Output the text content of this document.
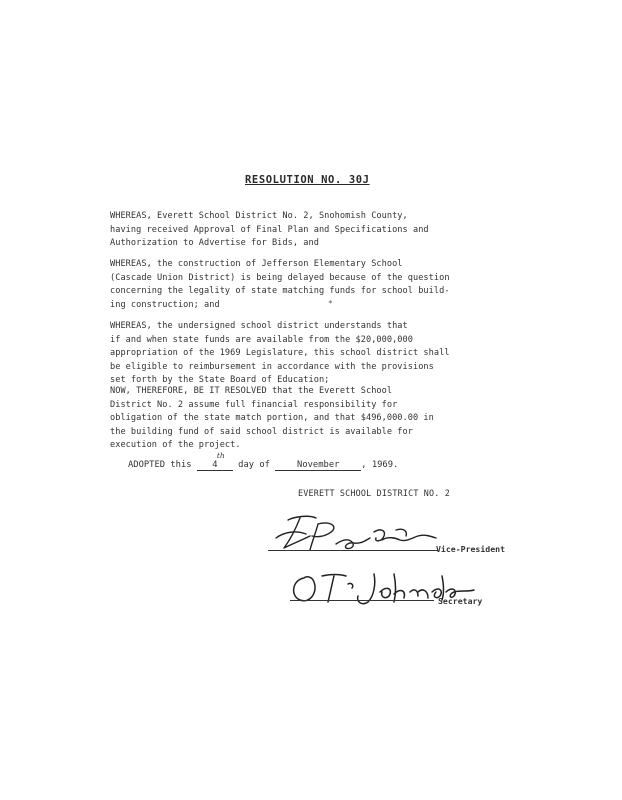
RESOLUTION NO. 30J
WHEREAS, Everett School District No. 2, Snohomish County,
having received Approval of Final Plan and Specifications and
Authorization to Advertise for Bids, and
WHEREAS, the construction of Jefferson Elementary School
(Cascade Union District) is being delayed because of the question
concerning the legality of state matching funds for school build-
ing construction; and	*
WHEREAS, the undersigned school district understands that
if and when state funds are available from the $20,000,000
appropriation of the 1969 Legislature, this school district shall
be eligible to reimbursement in accordance with the provisions
set forth by the State Board of Education;
NOW, THEREFORE, BE IT RESOLVED that the Everett School
District No. 2 assume full financial responsibility for
obligation of the state match portion, and that $496,000.00 in
the building fund of said school district is available for
execution of the project.
ADOPTED this 4
th
day of	November , 1969.
EVERETT SCHOOL DISTRICT NO. 2
Vice-President
Secretary
